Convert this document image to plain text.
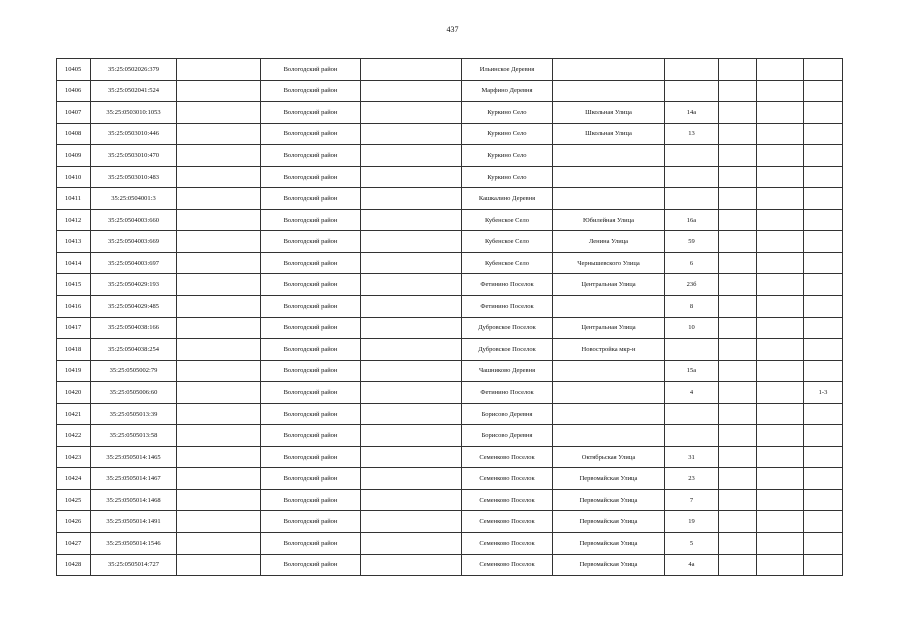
437
10405	35:25:0502026:379		Вологодский район		Ильинское Деревня					
10406	35:25:0502041:524		Вологодский район		Марфино Деревня					
10407	35:25:0503010:1053		Вологодский район		Куркино Село	Школьная Улица	14а			
10408	35:25:0503010:446		Вологодский район		Куркино Село	Школьная Улица	13			
10409	35:25:0503010:470		Вологодский район		Куркино Село					
10410	35:25:0503010:483		Вологодский район		Куркино Село					
10411	35:25:0504001:3		Вологодский район		Кашкалино Деревня					
10412	35:25:0504003:660		Вологодский район		Кубенское Село	Юбилейная Улица	16а			
10413	35:25:0504003:669		Вологодский район		Кубенское Село	Ленина Улица	59			
10414	35:25:0504003:697		Вологодский район		Кубенское Село	Чернышевского Улица	6			
10415	35:25:0504029:193		Вологодский район		Фетинино Поселок	Центральная Улица	23б			
10416	35:25:0504029:485		Вологодский район		Фетинино Поселок		8			
10417	35:25:0504038:166		Вологодский район		Дубровское Поселок	Центральная Улица	10			
10418	35:25:0504038:254		Вологодский район		Дубровское Поселок	Новостройка мкр-н				
10419	35:25:0505002:79		Вологодский район		Чашниково Деревня		15а			
10420	35:25:0505006:60		Вологодский район		Фетинино Поселок		4			1-3
10421	35:25:0505013:39		Вологодский район		Борисово Деревня					
10422	35:25:0505013:58		Вологодский район		Борисово Деревня					
10423	35:25:0505014:1465		Вологодский район		Семенково Поселок	Октябрьская Улица	31			
10424	35:25:0505014:1467		Вологодский район		Семенково Поселок	Первомайская Улица	23			
10425	35:25:0505014:1468		Вологодский район		Семенково Поселок	Первомайская Улица	7			
10426	35:25:0505014:1491		Вологодский район		Семенково Поселок	Первомайская Улица	19			
10427	35:25:0505014:1546		Вологодский район		Семенково Поселок	Первомайская Улица	5			
10428	35:25:0505014:727		Вологодский район		Семенково Поселок	Первомайская Улица	4а			
